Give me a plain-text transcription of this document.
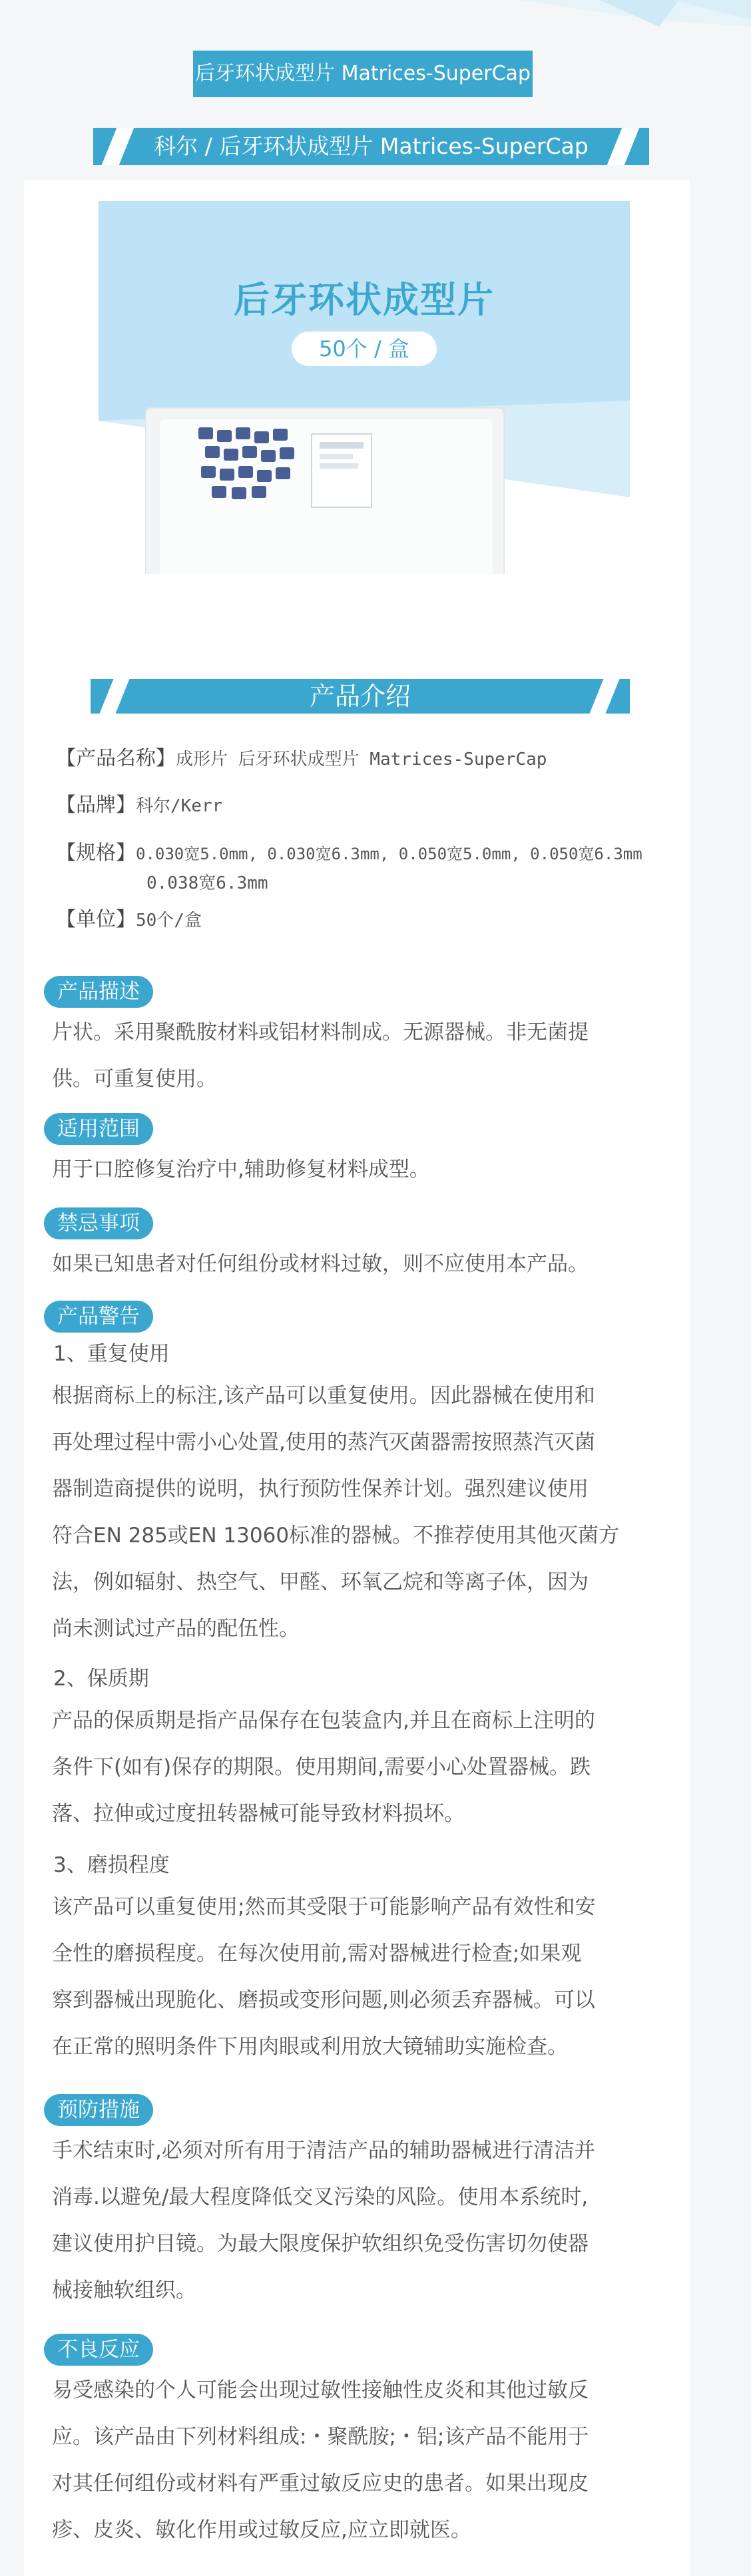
后牙环状成型片 Matrices-SuperCap
科尔 / 后牙环状成型片 Matrices-SuperCap
后牙环状成型片
50个 / 盒
产品介绍
【产品名称】成形片 后牙环状成型片 Matrices-SuperCap
【品牌】科尔/Kerr
【规格】0.030宽5.0mm, 0.030宽6.3mm, 0.050宽5.0mm, 0.050宽6.3mm
0.038宽6.3mm
【单位】50个/盒
产品描述
片状。采用聚酰胺材料或铝材料制成。无源器械。非无菌提
供。可重复使用。
适用范围
用于口腔修复治疗中,辅助修复材料成型。
禁忌事项
如果已知患者对任何组份或材料过敏，则不应使用本产品。
产品警告
1、重复使用
根据商标上的标注,该产品可以重复使用。因此器械在使用和
再处理过程中需小心处置,使用的蒸汽灭菌器需按照蒸汽灭菌
器制造商提供的说明，执行预防性保养计划。强烈建议使用
符合EN 285或EN 13060标准的器械。不推荐使用其他灭菌方
法，例如辐射、热空气、甲醛、环氧乙烷和等离子体，因为
尚未测试过产品的配伍性。
2、保质期
产品的保质期是指产品保存在包装盒内,并且在商标上注明的
条件下(如有)保存的期限。使用期间,需要小心处置器械。跌
落、拉伸或过度扭转器械可能导致材料损坏。
3、磨损程度
该产品可以重复使用;然而其受限于可能影响产品有效性和安
全性的磨损程度。在每次使用前,需对器械进行检查;如果观
察到器械出现脆化、磨损或变形问题,则必须丢弃器械。可以
在正常的照明条件下用肉眼或利用放大镜辅助实施检查。
预防措施
手术结束时,必须对所有用于清洁产品的辅助器械进行清洁并
消毒.以避免/最大程度降低交叉污染的风险。使用本系统时,
建议使用护目镜。为最大限度保护软组织免受伤害切勿使器
械接触软组织。
不良反应
易受感染的个人可能会出现过敏性接触性皮炎和其他过敏反
应。该产品由下列材料组成:・聚酰胺;・铝;该产品不能用于
对其任何组份或材料有严重过敏反应史的患者。如果出现皮
疹、皮炎、敏化作用或过敏反应,应立即就医。
